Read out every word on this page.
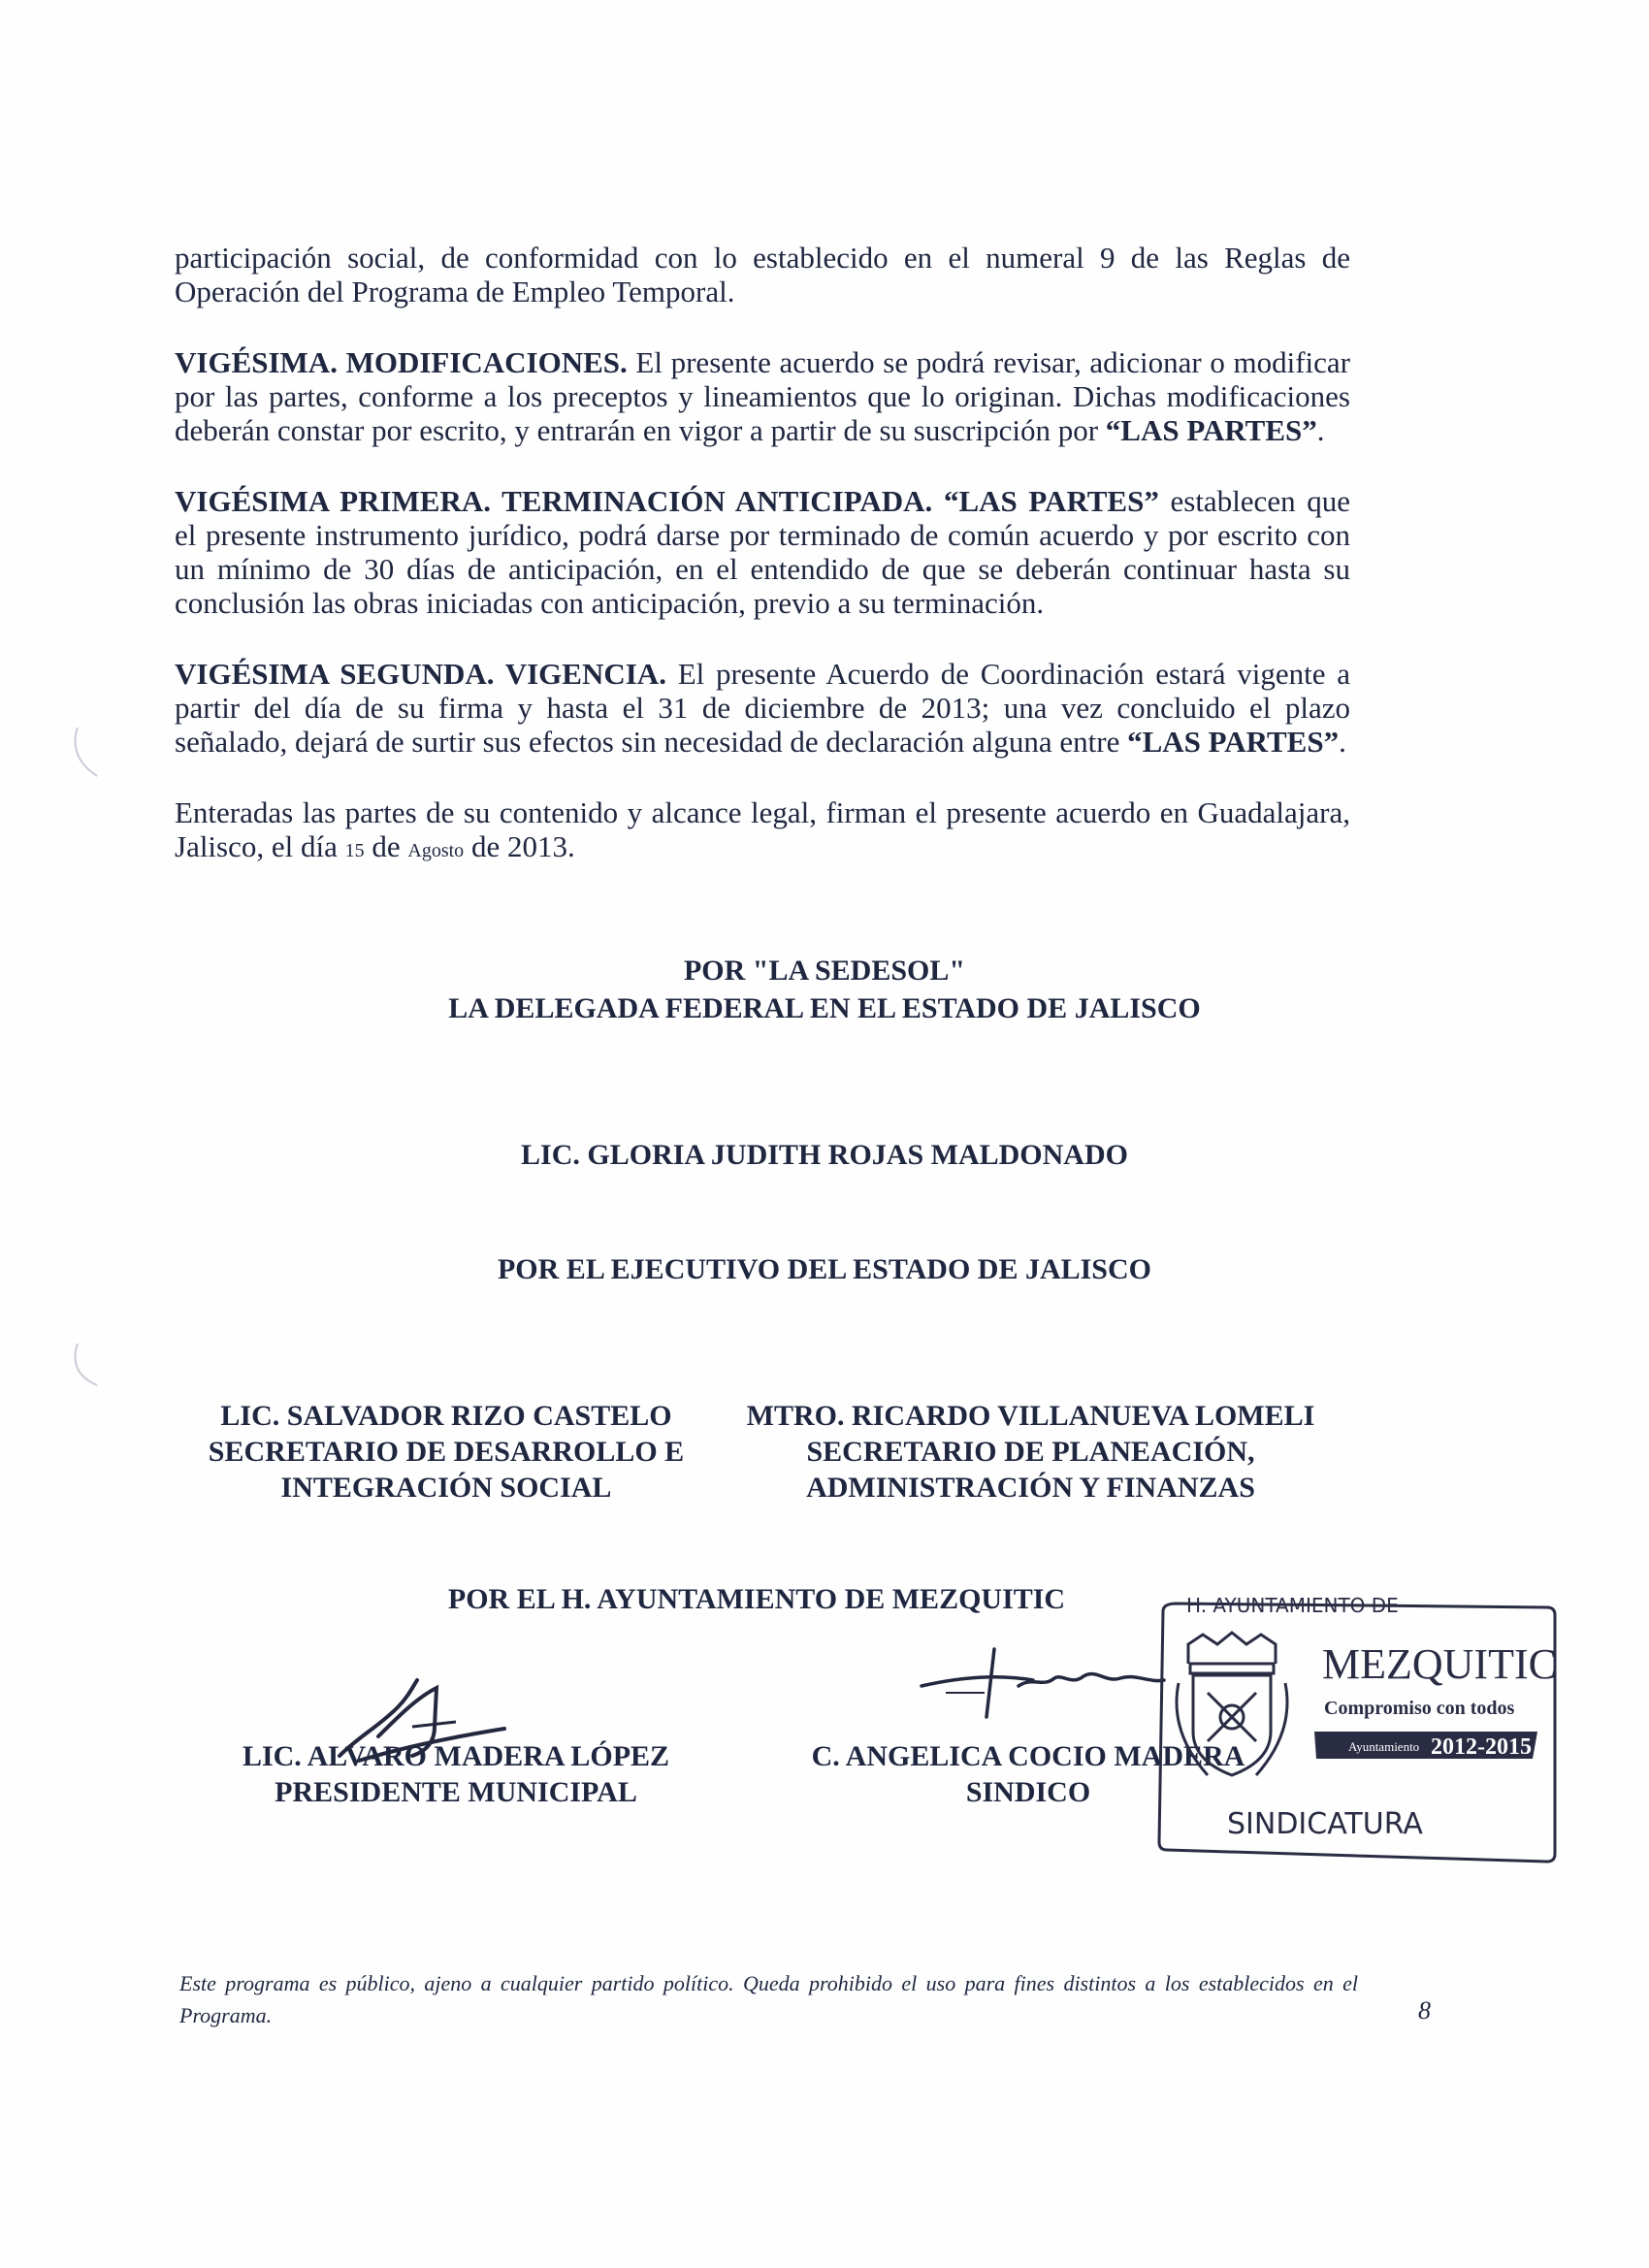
participación social, de conformidad con lo establecido en el numeral 9 de las Reglas de Operación del Programa de Empleo Temporal.

VIGÉSIMA. MODIFICACIONES. El presente acuerdo se podrá revisar, adicionar o modificar por las partes, conforme a los preceptos y lineamientos que lo originan. Dichas modificaciones deberán constar por escrito, y entrarán en vigor a partir de su suscripción por “LAS PARTES”.

VIGÉSIMA PRIMERA. TERMINACIÓN ANTICIPADA. “LAS PARTES” establecen que el presente instrumento jurídico, podrá darse por terminado de común acuerdo y por escrito con un mínimo de 30 días de anticipación, en el entendido de que se deberán continuar hasta su conclusión las obras iniciadas con anticipación, previo a su terminación.

VIGÉSIMA SEGUNDA. VIGENCIA. El presente Acuerdo de Coordinación estará vigente a partir del día de su firma y hasta el 31 de diciembre de 2013; una vez concluido el plazo señalado, dejará de surtir sus efectos sin necesidad de declaración alguna entre “LAS PARTES”.

Enteradas las partes de su contenido y alcance legal, firman el presente acuerdo en Guadalajara, Jalisco, el día 15 de Agosto de 2013.

POR "LA SEDESOL"
LA DELEGADA FEDERAL EN EL ESTADO DE JALISCO
LIC. GLORIA JUDITH ROJAS MALDONADO
POR EL EJECUTIVO DEL ESTADO DE JALISCO
LIC. SALVADOR RIZO CASTELO
SECRETARIO DE DESARROLLO E
INTEGRACIÓN SOCIAL
MTRO. RICARDO VILLANUEVA LOMELI
SECRETARIO DE PLANEACIÓN,
ADMINISTRACIÓN Y FINANZAS
POR EL H. AYUNTAMIENTO DE MEZQUITIC
LIC. ALVARO MADERA LÓPEZ
PRESIDENTE MUNICIPAL
C. ANGELICA COCIO MADERA
SINDICO
H. AYUNTAMIENTO DE
MEZQUITIC
Compromiso con todos
Ayuntamiento 2012-2015
SINDICATURA
Este programa es público, ajeno a cualquier partido político. Queda prohibido el uso para fines distintos a los establecidos en el Programa.	8
